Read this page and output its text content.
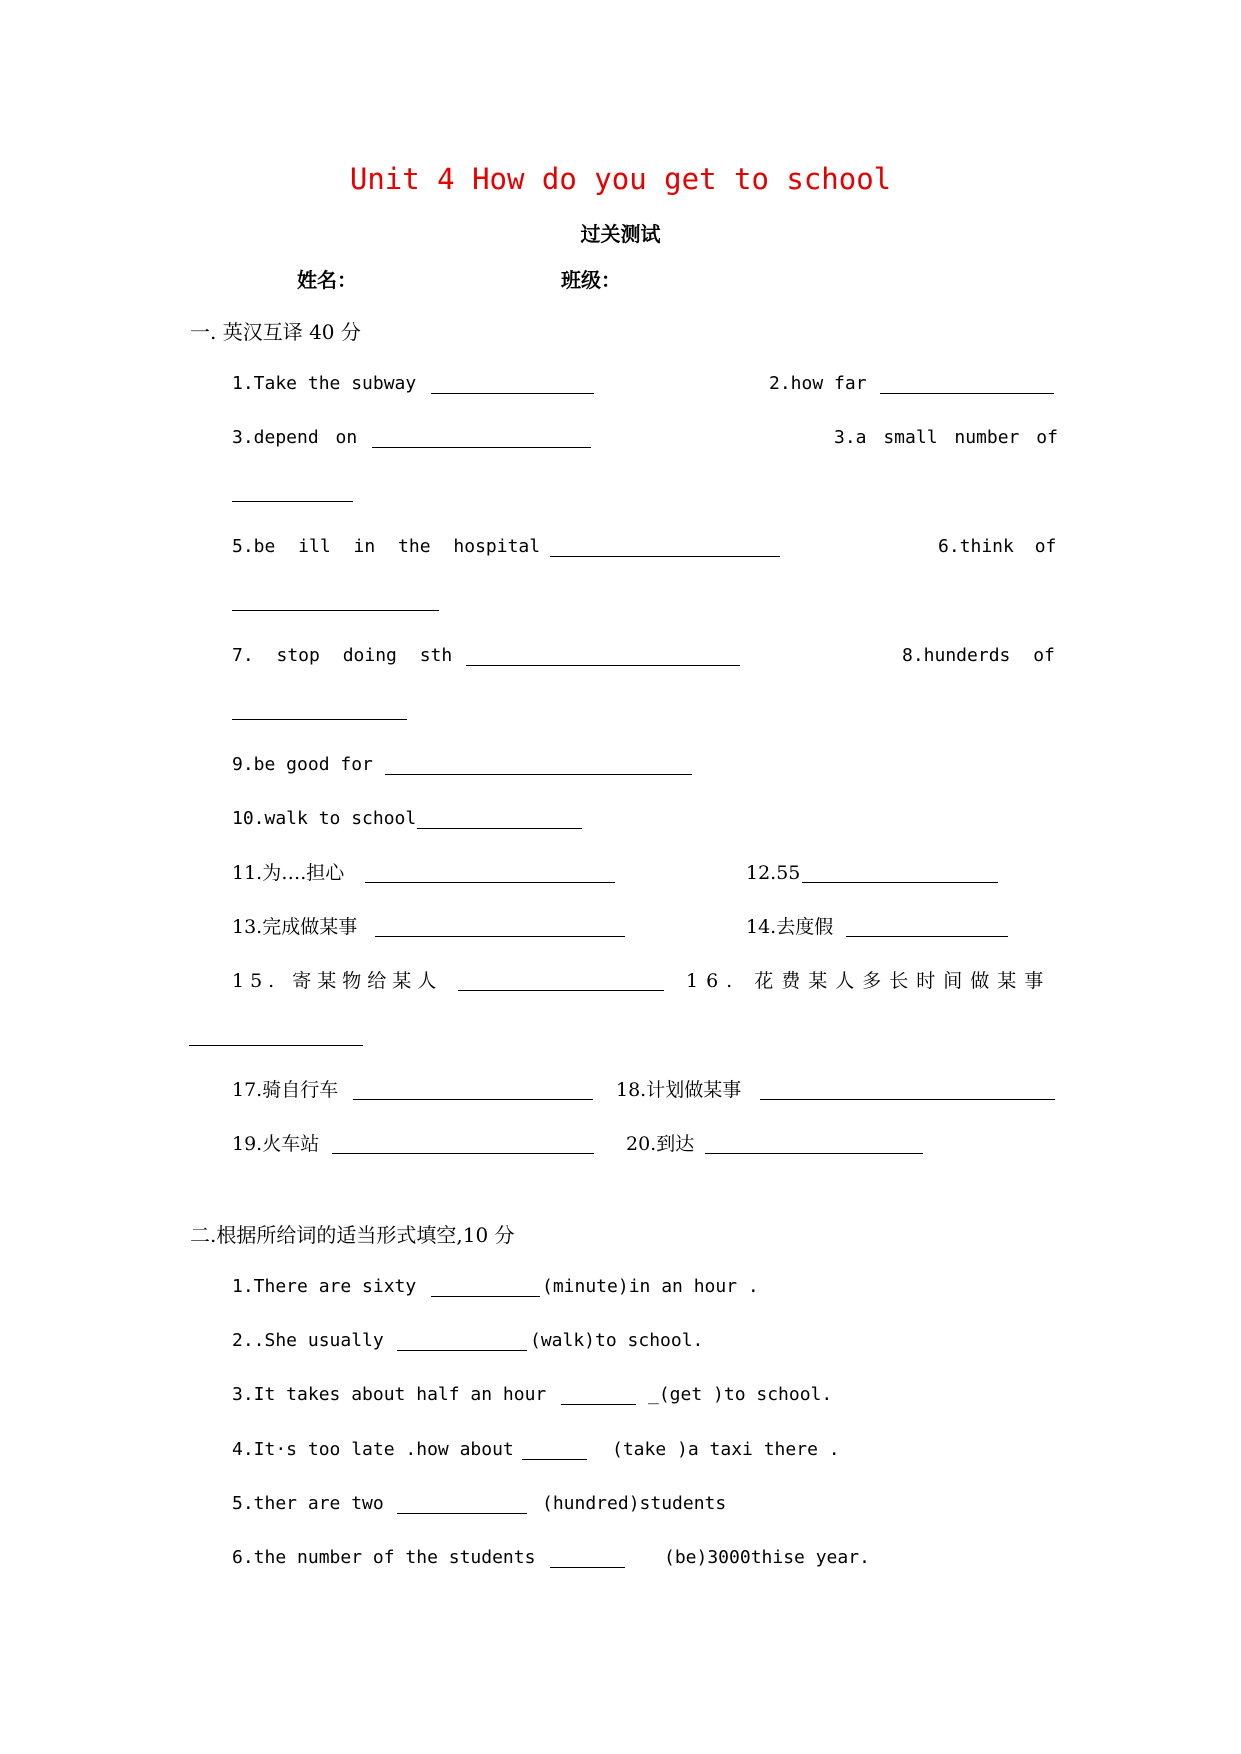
Unit 4 How do you get to school
过关测试
姓名：	班级：
一. 英汉互译 40 分
1.Take the subway	2.how far
3.depend on	3.a small number of
5.be ill in the hospital	6.think of
7. stop doing sth	8.hunderds of
9.be good for
10.walk to school
11.为….担心	12.55
13.完成做某事	14.去度假
15. 寄某物给某人	16. 花费某人多长时间做某事
17.骑自行车	18.计划做某事
19.火车站	20.到达
二.根据所给词的适当形式填空,10 分
1.There are sixty	(minute)in an hour .
2..She usually	(walk)to school.
3.It takes about half an hour	_(get )to school.
4.It·s too late .how about	(take )a taxi there .
5.ther are two	(hundred)students
6.the number of the students	(be)3000thise year.
